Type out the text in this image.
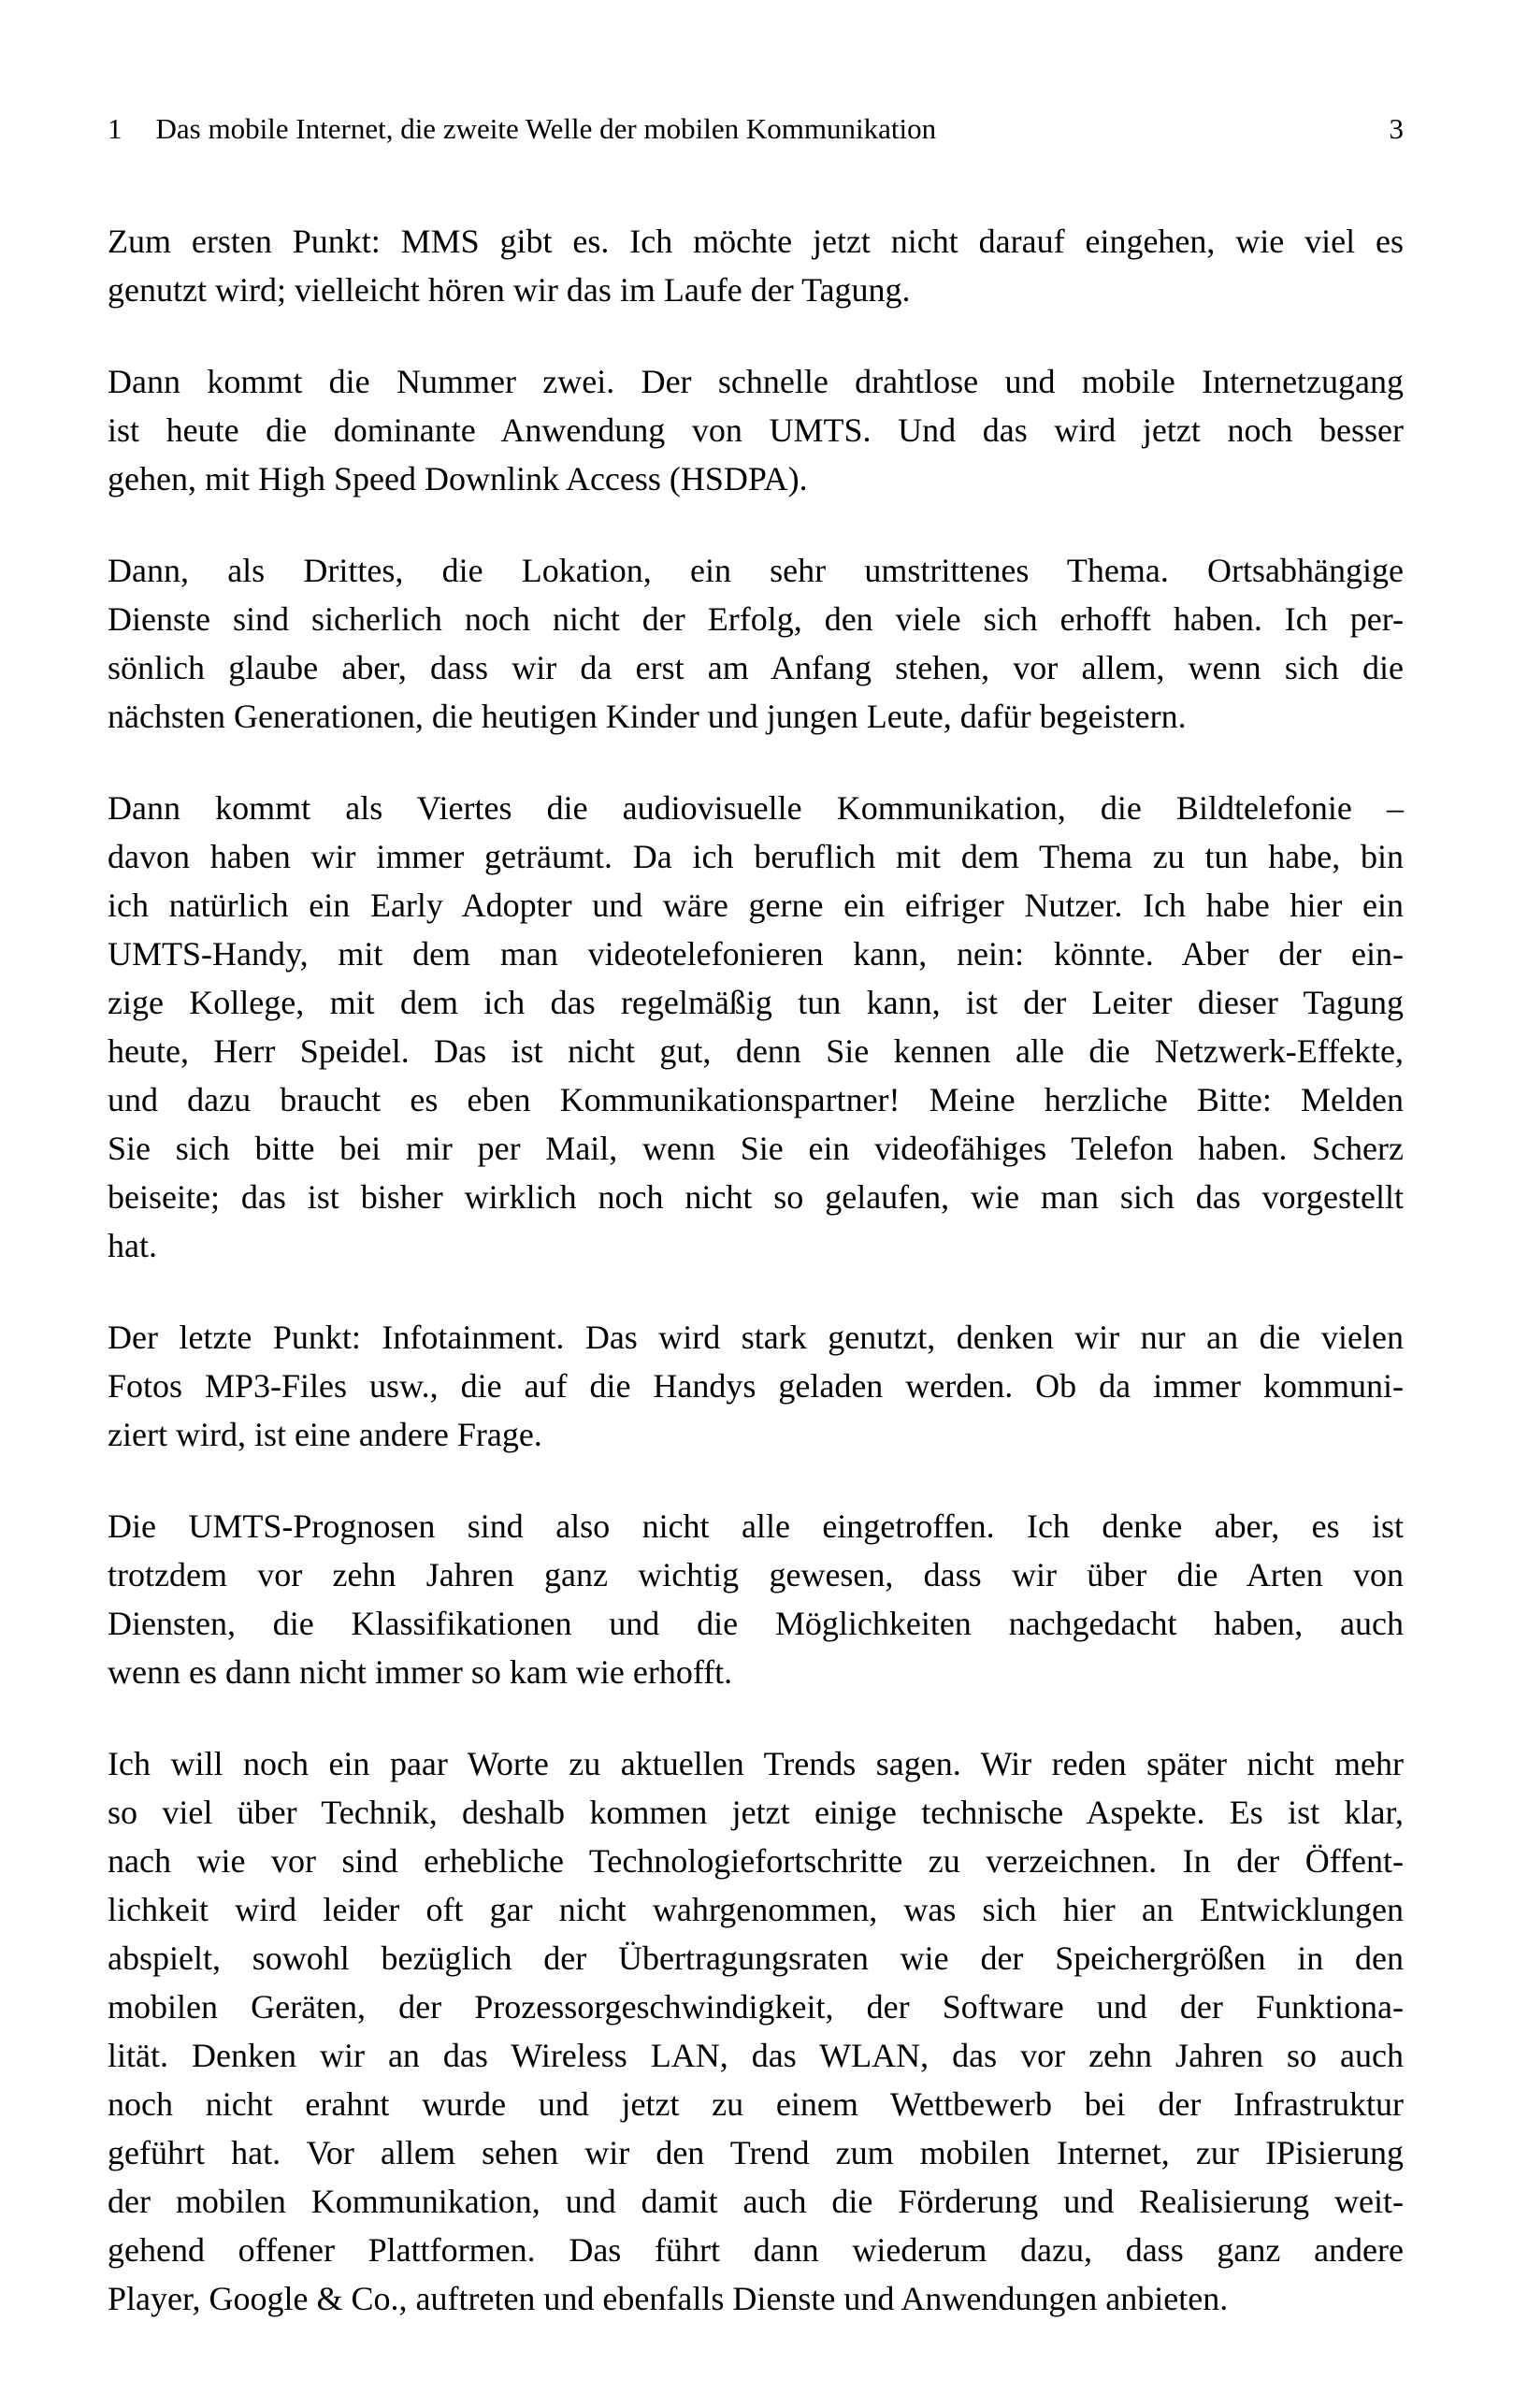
1 Das mobile Internet, die zweite Welle der mobilen Kommunikation	3
Zum ersten Punkt: MMS gibt es. Ich möchte jetzt nicht darauf eingehen, wie viel es
genutzt wird; vielleicht hören wir das im Laufe der Tagung.
Dann kommt die Nummer zwei. Der schnelle drahtlose und mobile Internetzugang
ist heute die dominante Anwendung von UMTS. Und das wird jetzt noch besser
gehen, mit High Speed Downlink Access (HSDPA).
Dann, als Drittes, die Lokation, ein sehr umstrittenes Thema. Ortsabhängige
Dienste sind sicherlich noch nicht der Erfolg, den viele sich erhofft haben. Ich per-
sönlich glaube aber, dass wir da erst am Anfang stehen, vor allem, wenn sich die
nächsten Generationen, die heutigen Kinder und jungen Leute, dafür begeistern.
Dann kommt als Viertes die audiovisuelle Kommunikation, die Bildtelefonie –
davon haben wir immer geträumt. Da ich beruflich mit dem Thema zu tun habe, bin
ich natürlich ein Early Adopter und wäre gerne ein eifriger Nutzer. Ich habe hier ein
UMTS-Handy, mit dem man videotelefonieren kann, nein: könnte. Aber der ein-
zige Kollege, mit dem ich das regelmäßig tun kann, ist der Leiter dieser Tagung
heute, Herr Speidel. Das ist nicht gut, denn Sie kennen alle die Netzwerk-Effekte,
und dazu braucht es eben Kommunikationspartner! Meine herzliche Bitte: Melden
Sie sich bitte bei mir per Mail, wenn Sie ein videofähiges Telefon haben. Scherz
beiseite; das ist bisher wirklich noch nicht so gelaufen, wie man sich das vorgestellt
hat.
Der letzte Punkt: Infotainment. Das wird stark genutzt, denken wir nur an die vielen
Fotos MP3-Files usw., die auf die Handys geladen werden. Ob da immer kommuni-
ziert wird, ist eine andere Frage.
Die UMTS-Prognosen sind also nicht alle eingetroffen. Ich denke aber, es ist
trotzdem vor zehn Jahren ganz wichtig gewesen, dass wir über die Arten von
Diensten, die Klassifikationen und die Möglichkeiten nachgedacht haben, auch
wenn es dann nicht immer so kam wie erhofft.
Ich will noch ein paar Worte zu aktuellen Trends sagen. Wir reden später nicht mehr
so viel über Technik, deshalb kommen jetzt einige technische Aspekte. Es ist klar,
nach wie vor sind erhebliche Technologiefortschritte zu verzeichnen. In der Öffent-
lichkeit wird leider oft gar nicht wahrgenommen, was sich hier an Entwicklungen
abspielt, sowohl bezüglich der Übertragungsraten wie der Speichergrößen in den
mobilen Geräten, der Prozessorgeschwindigkeit, der Software und der Funktiona-
lität. Denken wir an das Wireless LAN, das WLAN, das vor zehn Jahren so auch
noch nicht erahnt wurde und jetzt zu einem Wettbewerb bei der Infrastruktur
geführt hat. Vor allem sehen wir den Trend zum mobilen Internet, zur IPisierung
der mobilen Kommunikation, und damit auch die Förderung und Realisierung weit-
gehend offener Plattformen. Das führt dann wiederum dazu, dass ganz andere
Player, Google & Co., auftreten und ebenfalls Dienste und Anwendungen anbieten.
